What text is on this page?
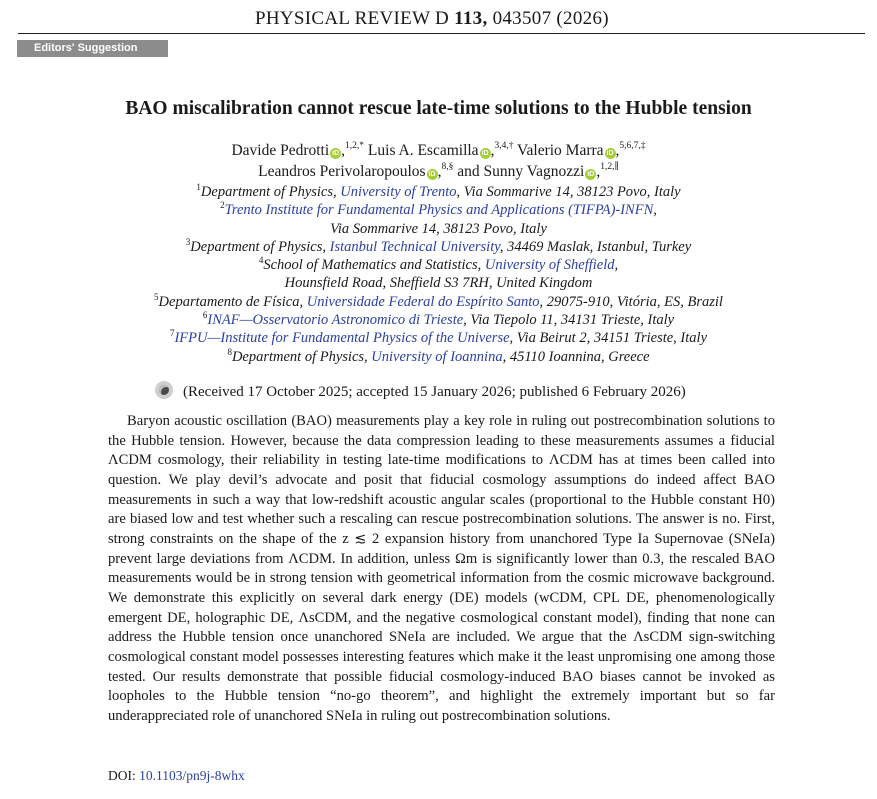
PHYSICAL REVIEW D 113, 043507 (2026)
Editors' Suggestion
BAO miscalibration cannot rescue late-time solutions to the Hubble tension
Davide Pedrotti iD ,$^{1,2,*}$ Luis A. Escamilla iD ,$^{3,4,\dagger}$ Valerio Marra iD ,$^{5,6,7,\ddagger}$
Leandros Perivolaropoulos iD ,$^{8,\S}$ and Sunny Vagnozzi iD ,$^{1,2,\parallel}$
$^1$Department of Physics, University of Trento, Via Sommarive 14, 38123 Povo, Italy
$^2$Trento Institute for Fundamental Physics and Applications (TIFPA)-INFN,
Via Sommarive 14, 38123 Povo, Italy
$^3$Department of Physics, Istanbul Technical University, 34469 Maslak, Istanbul, Turkey
$^4$School of Mathematics and Statistics, University of Sheffield,
Hounsfield Road, Sheffield S3 7RH, United Kingdom
$^5$Departamento de Física, Universidade Federal do Espírito Santo, 29075-910, Vitória, ES, Brazil
$^6$INAF—Osservatorio Astronomico di Trieste, Via Tiepolo 11, 34131 Trieste, Italy
$^7$IFPU—Institute for Fundamental Physics of the Universe, Via Beirut 2, 34151 Trieste, Italy
$^8$Department of Physics, University of Ioannina, 45110 Ioannina, Greece
(Received 17 October 2025; accepted 15 January 2026; published 6 February 2026)

Baryon acoustic oscillation (BAO) measurements play a key role in ruling out postrecombination solutions to the Hubble tension. However, because the data compression leading to these measurements assumes a fiducial ΛCDM cosmology, their reliability in testing late-time modifications to ΛCDM has at times been called into question. We play devil’s advocate and posit that fiducial cosmology assumptions do indeed affect BAO measurements in such a way that low-redshift acoustic angular scales (proportional to the Hubble constant H0) are biased low and test whether such a rescaling can rescue postrecombination solutions. The answer is no. First, strong constraints on the shape of the z ≲ 2 expansion history from unanchored Type Ia Supernovae (SNeIa) prevent large deviations from ΛCDM. In addition, unless Ωm is significantly lower than 0.3, the rescaled BAO measurements would be in strong tension with geometrical information from the cosmic microwave background. We demonstrate this explicitly on several dark energy (DE) models (wCDM, CPL DE, phenomenologically emergent DE, holographic DE, ΛsCDM, and the negative cosmological constant model), finding that none can address the Hubble tension once unanchored SNeIa are included. We argue that the ΛsCDM sign-switching cosmological constant model possesses interesting features which make it the least unpromising one among those tested. Our results demonstrate that possible fiducial cosmology-induced BAO biases cannot be invoked as loopholes to the Hubble tension “no-go theorem”, and highlight the extremely important but so far underappreciated role of unanchored SNeIa in ruling out postrecombination solutions.

DOI: 10.1103/pn9j-8whx
